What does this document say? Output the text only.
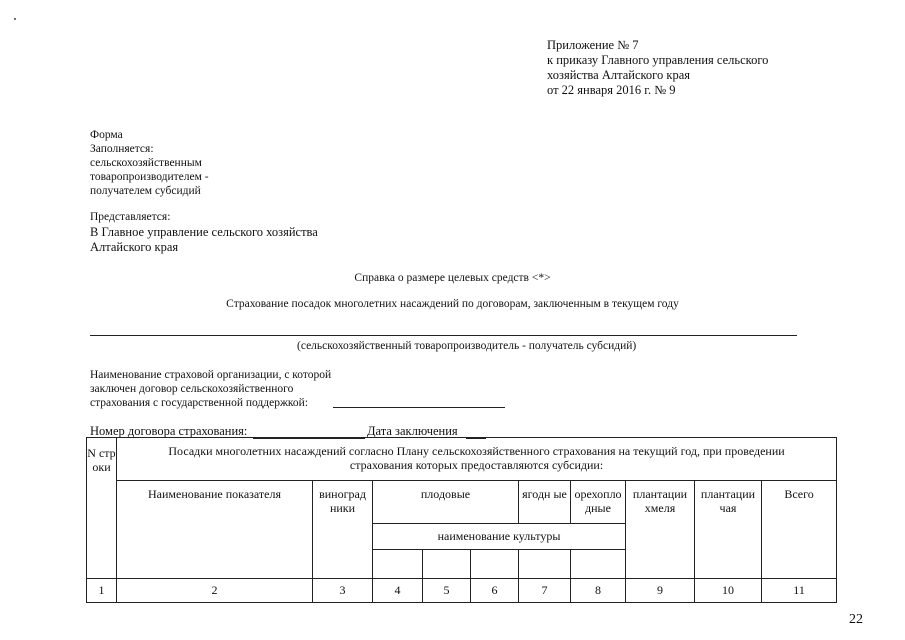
Приложение № 7
к приказу Главного управления сельского
хозяйства Алтайского края
от 22 января 2016 г. № 9
Форма
Заполняется:
сельскохозяйственным
товаропроизводителем -
получателем субсидий
Представляется:
В Главное управление сельского хозяйства
Алтайского края
Справка о размере целевых средств <*>
Страхование посадок многолетних насаждений по договорам, заключенным в текущем году
(сельскохозяйственный товаропроизводитель - получатель субсидий)
Наименование страховой организации, с которой
заключен договор сельскохозяйственного
страхования с государственной поддержкой:
Номер договора страхования:	Дата заключения
N стр оки	Посадки многолетних насаждений согласно Плану сельскохозяйственного страхования на текущий год, при проведении страхования которых предоставляются субсидии:									
	Наименование показателя	виноград ники	плодовые			ягодн ые	орехопло дные	плантации хмеля	плантации чая	Всего
			наименование культуры							

1	2	3	4	5	6	7	8	9	10	11
22
